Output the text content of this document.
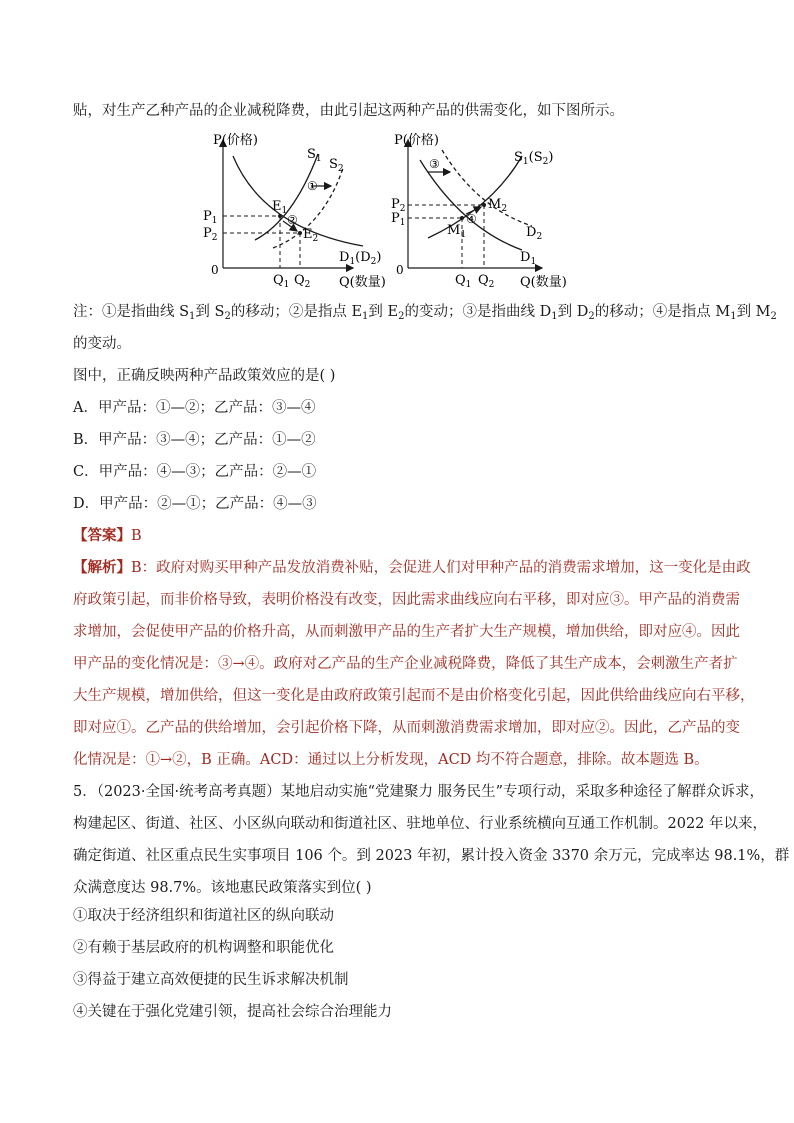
贴，对生产乙种产品的企业减税降费，由此引起这两种产品的供需变化，如下图所示。
P(价格)
Q(数量)
0
$S_1$ $S_2$
$D_1(D_2)$
$E_1$
$E_2$
$P_1$
$P_2$
$Q_1$ $Q_2$
①
②
P(价格)
Q(数量)
0
$S_1(S_2)$
$D_1$
$D_2$
$M_1$
$M_2$
$P_2$
$P_1$
$Q_1$ $Q_2$
③
④
注：①是指曲线 $S_1$到 $S_2$的移动；②是指点 $E_1$到 $E_2$的变动；③是指曲线 $D_1$到 $D_2$的移动；④是指点 $M_1$到 $M_2$
的变动。
图中，正确反映两种产品政策效应的是( )
A．甲产品：①—②；乙产品：③—④
B．甲产品：③—④；乙产品：①—②
C．甲产品：④—③；乙产品：②—①
D．甲产品：②—①；乙产品：④—③
【答案】B
【解析】B：政府对购买甲种产品发放消费补贴，会促进人们对甲种产品的消费需求增加，这一变化是由政
府政策引起，而非价格导致，表明价格没有改变，因此需求曲线应向右平移，即对应③。甲产品的消费需
求增加，会促使甲产品的价格升高，从而刺激甲产品的生产者扩大生产规模，增加供给，即对应④。因此
甲产品的变化情况是：③→④。政府对乙产品的生产企业减税降费，降低了其生产成本，会刺激生产者扩
大生产规模，增加供给，但这一变化是由政府政策引起而不是由价格变化引起，因此供给曲线应向右平移，
即对应①。乙产品的供给增加，会引起价格下降，从而刺激消费需求增加，即对应②。因此，乙产品的变
化情况是：①→②，B 正确。ACD：通过以上分析发现，ACD 均不符合题意，排除。故本题选 B。
5．（2023·全国·统考高考真题）某地启动实施“党建聚力 服务民生”专项行动，采取多种途径了解群众诉求，
构建起区、街道、社区、小区纵向联动和街道社区、驻地单位、行业系统横向互通工作机制。2022 年以来，
确定街道、社区重点民生实事项目 106 个。到 2023 年初，累计投入资金 3370 余万元，完成率达 98.1%，群
众满意度达 98.7%。该地惠民政策落实到位( )
①取决于经济组织和街道社区的纵向联动
②有赖于基层政府的机构调整和职能优化
③得益于建立高效便捷的民生诉求解决机制
④关键在于强化党建引领，提高社会综合治理能力
